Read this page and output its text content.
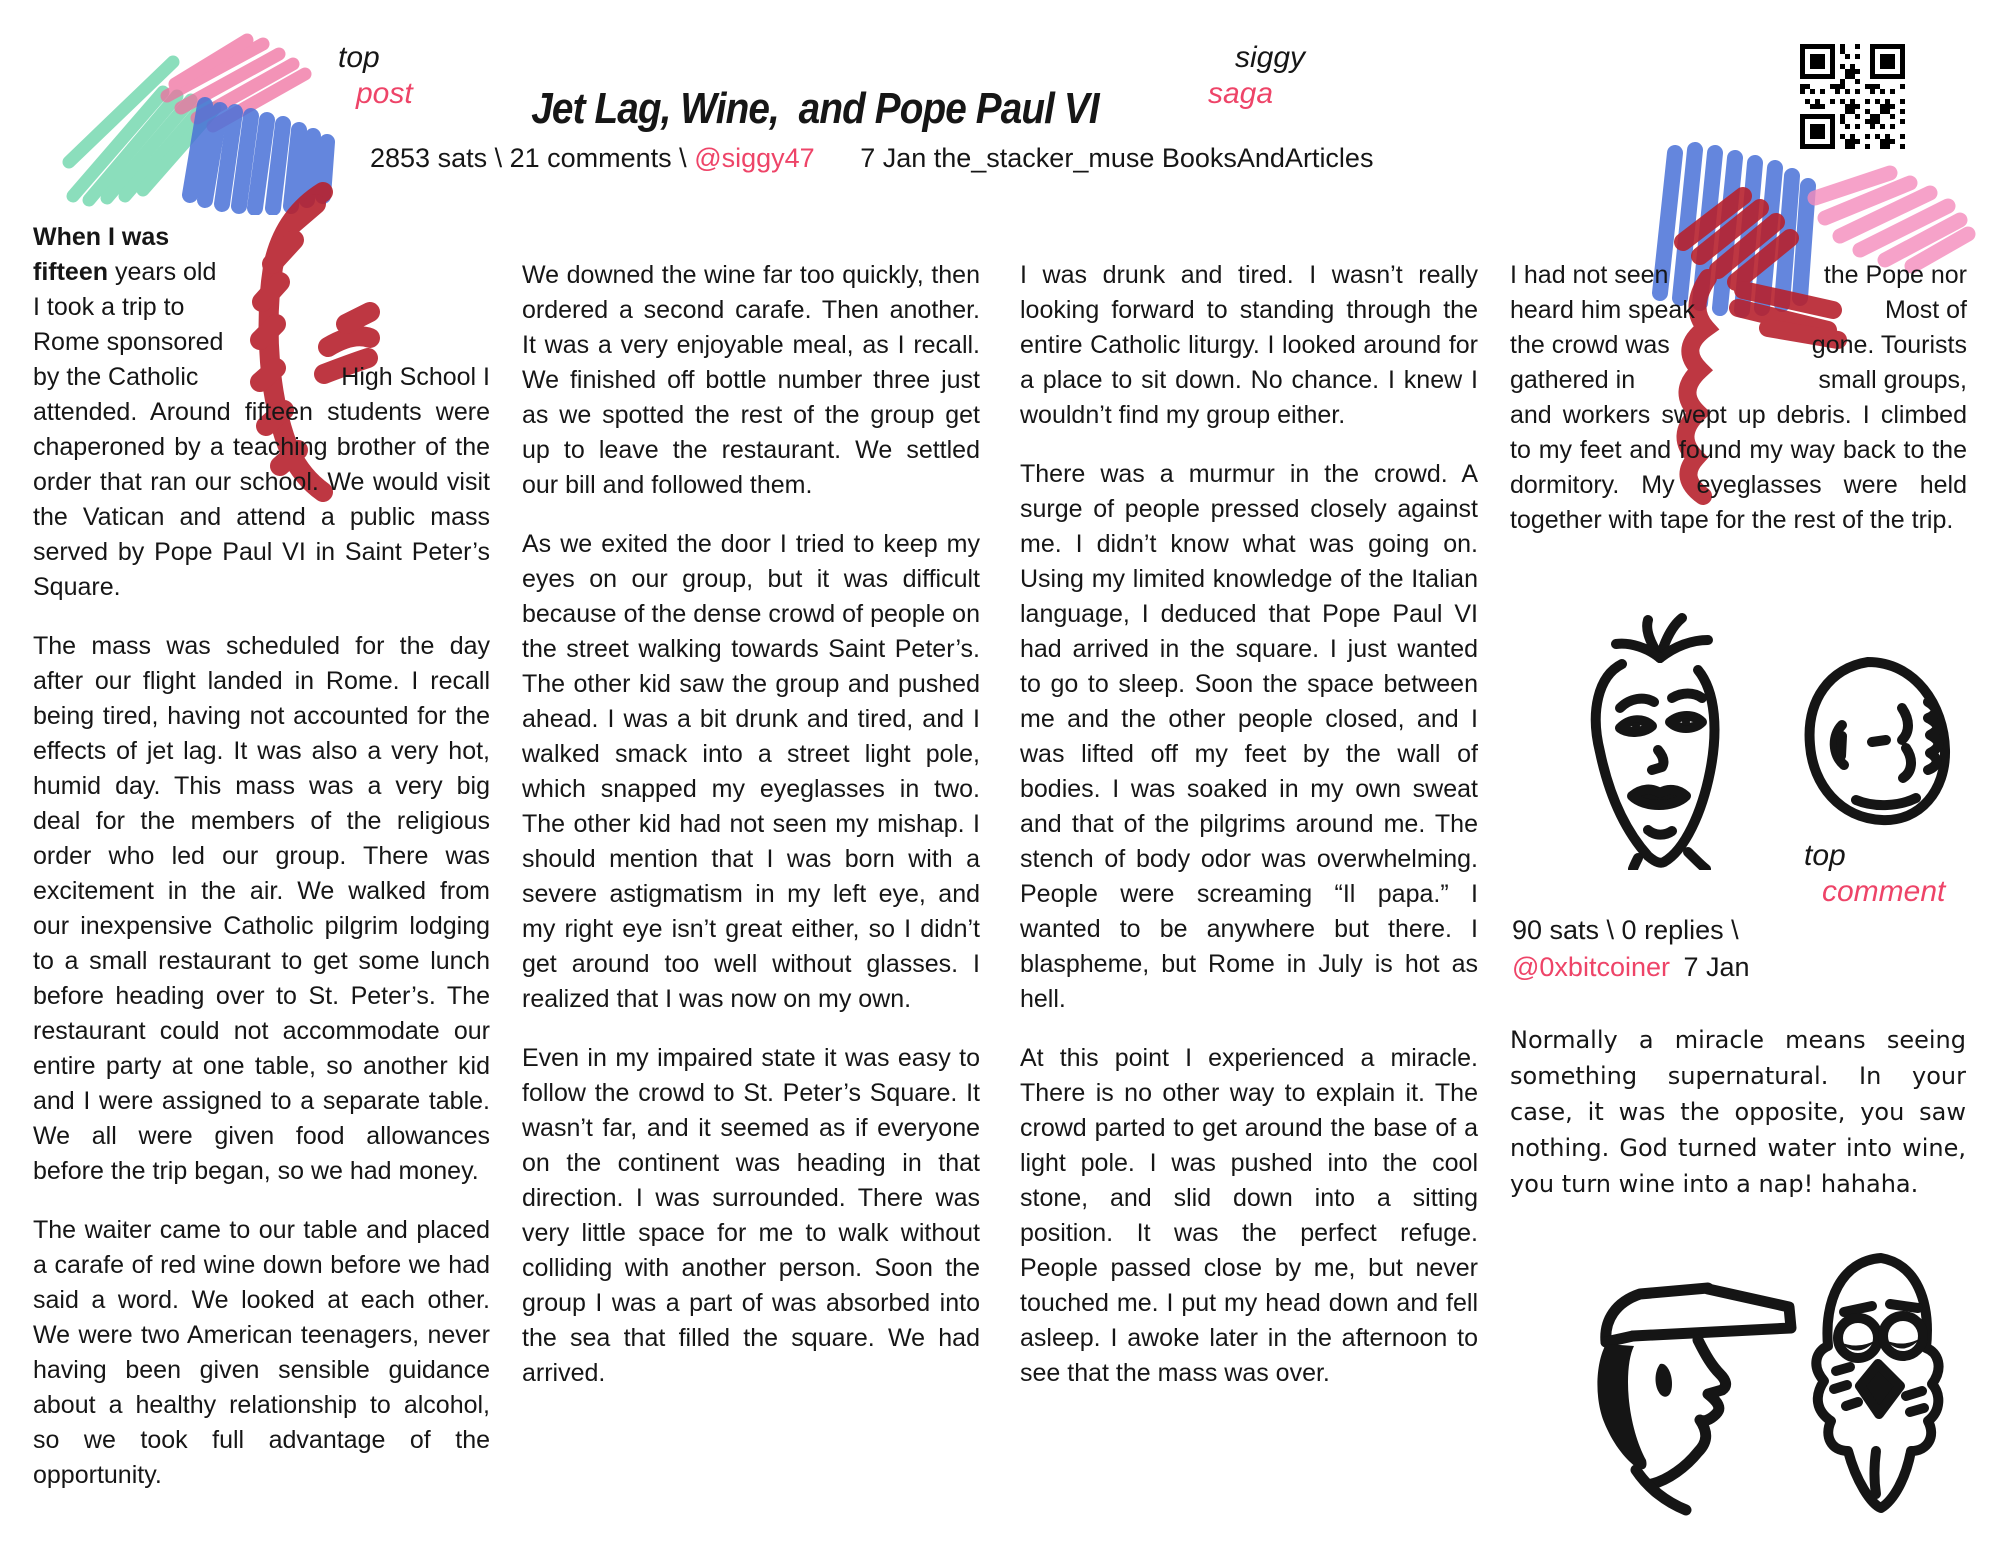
top
post	Jet Lag, Wine,  and Pope Paul VI
2853 sats \ 21 comments \ @siggy47 7 Jan the_stacker_muse BooksAndArticles
siggy
saga

When I was
fifteen years old
I took a trip to
Rome sponsored
by the Catholic	High School I

attended. Around fifteen students were chaperoned by a teaching brother of the order that ran our school. We would visit the Vatican and attend a public mass served by Pope Paul VI in Saint Peter’s Square.

The mass was scheduled for the day after our flight landed in Rome. I recall being tired, having not accounted for the effects of jet lag. It was also a very hot, humid day. This mass was a very big deal for the members of the religious order who led our group. There was excitement in the air. We walked from our inexpensive Catholic pilgrim lodging to a small restaurant to get some lunch before heading over to St. Peter’s. The restaurant could not accommodate our entire party at one table, so another kid and I were assigned to a separate table. We all were given food allowances before the trip began, so we had money.

The waiter came to our table and placed a carafe of red wine down before we had said a word. We looked at each other. We were two American teenagers, never having been given sensible guidance about a healthy relationship to alcohol, so we took full advantage of the opportunity.

We downed the wine far too quickly, then ordered a second carafe. Then another. It was a very enjoyable meal, as I recall. We finished off bottle number three just as we spotted the rest of the group get up to leave the restaurant. We settled our bill and followed them.

As we exited the door I tried to keep my eyes on our group, but it was difficult because of the dense crowd of people on the street walking towards Saint Peter’s. The other kid saw the group and pushed ahead. I was a bit drunk and tired, and I walked smack into a street light pole, which snapped my eyeglasses in two. The other kid had not seen my mishap. I should mention that I was born with a severe astigmatism in my left eye, and my right eye isn’t great either, so I didn’t get around too well without glasses. I realized that I was now on my own.

Even in my impaired state it was easy to follow the crowd to St. Peter’s Square. It wasn’t far, and it seemed as if everyone on the continent was heading in that direction. I was surrounded. There was very little space for me to walk without colliding with another person. Soon the group I was a part of was absorbed into the sea that filled the square. We had arrived.

I was drunk and tired. I wasn’t really looking forward to standing through the entire Catholic liturgy. I looked around for a place to sit down. No chance. I knew I wouldn’t find my group either.

There was a murmur in the crowd. A surge of people pressed closely against me. I didn’t know what was going on. Using my limited knowledge of the Italian language, I deduced that Pope Paul VI had arrived in the square. I just wanted to go to sleep. Soon the space between me and the other people closed, and I was lifted off my feet by the wall of bodies. I was soaked in my own sweat and that of the pilgrims around me. The stench of body odor was overwhelming. People were screaming “Il papa.” I wanted to be anywhere but there. I blaspheme, but Rome in July is hot as hell.

At this point I experienced a miracle. There is no other way to explain it. The crowd parted to get around the base of a light pole. I was pushed into the cool stone, and slid down into a sitting position. It was the perfect refuge. People passed close by me, but never touched me. I put my head down and fell asleep. I awoke later in the afternoon to see that the mass was over.

I had not seen	the Pope nor
heard him speak	Most of
the crowd was	gone. Tourists
gathered in	small groups,

and workers swept up debris. I climbed to my feet and found my way back to the dormitory. My eyeglasses were held together with tape for the rest of the trip.

top
comment
90 sats \ 0 replies \
@0xbitcoiner 7 Jan
Normally a miracle means seeing something supernatural. In your case, it was the opposite, you saw nothing. God turned water into wine, you turn wine into a nap! hahaha.
